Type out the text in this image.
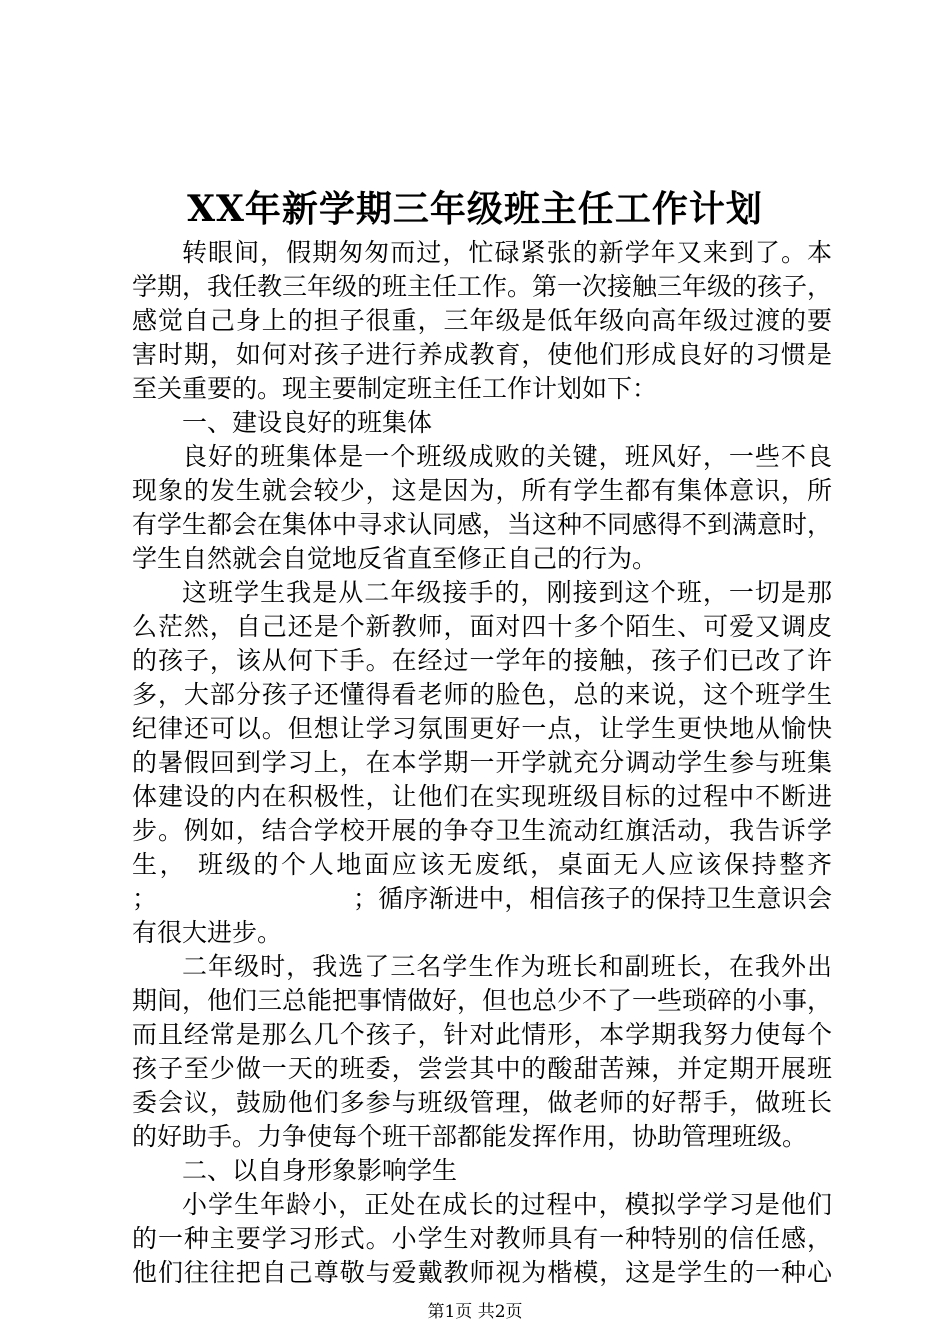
XX年新学期三年级班主任工作计划
转眼间，假期匆匆而过，忙碌紧张的新学年又来到了。本
学期，我任教三年级的班主任工作。第一次接触三年级的孩子，
感觉自己身上的担子很重，三年级是低年级向高年级过渡的要
害时期，如何对孩子进行养成教育，使他们形成良好的习惯是
至关重要的。现主要制定班主任工作计划如下：
一、建设良好的班集体
良好的班集体是一个班级成败的关键，班风好，一些不良
现象的发生就会较少，这是因为，所有学生都有集体意识，所
有学生都会在集体中寻求认同感，当这种不同感得不到满意时，
学生自然就会自觉地反省直至修正自己的行为。
这班学生我是从二年级接手的，刚接到这个班，一切是那
么茫然，自己还是个新教师，面对四十多个陌生、可爱又调皮
的孩子，该从何下手。在经过一学年的接触，孩子们已改了许
多，大部分孩子还懂得看老师的脸色，总的来说，这个班学生
纪律还可以。但想让学习氛围更好一点，让学生更快地从愉快
的暑假回到学习上，在本学期一开学就充分调动学生参与班集
体建设的内在积极性，让他们在实现班级目标的过程中不断进
步。例如，结合学校开展的争夺卫生流动红旗活动，我告诉学
生， 班级的个人地面应该无废纸，桌面无人应该保持整齐
；                        ；循序渐进中，相信孩子的保持卫生意识会
有很大进步。
二年级时，我选了三名学生作为班长和副班长，在我外出
期间，他们三总能把事情做好，但也总少不了一些琐碎的小事，
而且经常是那么几个孩子，针对此情形，本学期我努力使每个
孩子至少做一天的班委，尝尝其中的酸甜苦辣，并定期开展班
委会议，鼓励他们多参与班级管理，做老师的好帮手，做班长
的好助手。力争使每个班干部都能发挥作用，协助管理班级。
二、以自身形象影响学生
小学生年龄小，正处在成长的过程中，模拟学学习是他们
的一种主要学习形式。小学生对教师具有一种特别的信任感，
他们往往把自己尊敬与爱戴教师视为楷模，这是学生的一种心
第1页 共2页
